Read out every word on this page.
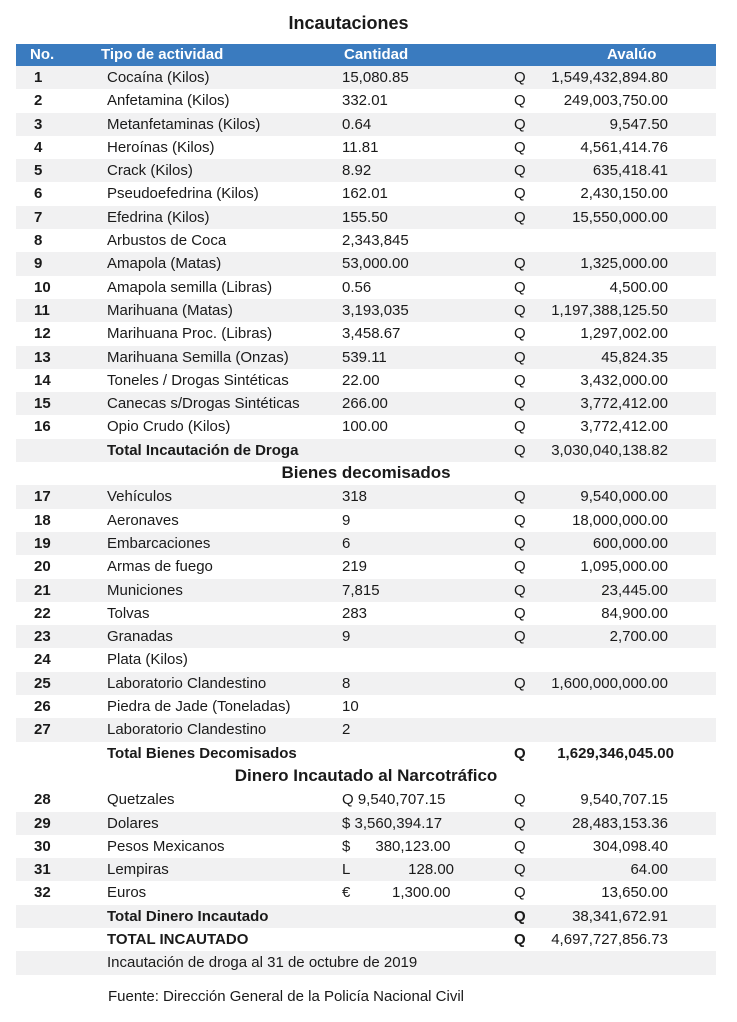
Incautaciones
No.	Tipo de actividad	Cantidad	Avalúo
1	Cocaína (Kilos)	15,080.85	Q 1,549,432,894.80
2	Anfetamina (Kilos)	332.01	Q	249,003,750.00
3	Metanfetaminas (Kilos)	0.64	Q	9,547.50
4	Heroínas (Kilos)	11.81	Q	4,561,414.76
5	Crack (Kilos)	8.92	Q	635,418.41
6	Pseudoefedrina (Kilos)	162.01	Q	2,430,150.00
7	Efedrina (Kilos)	155.50	Q	15,550,000.00
8	Arbustos de Coca	2,343,845
9	Amapola (Matas)	53,000.00	Q	1,325,000.00
10	Amapola semilla (Libras)	0.56	Q	4,500.00
11	Marihuana (Matas)	3,193,035	Q 1,197,388,125.50
12	Marihuana Proc. (Libras)	3,458.67	Q	1,297,002.00
13	Marihuana Semilla (Onzas)	539.11	Q	45,824.35
14	Toneles / Drogas Sintéticas	22.00	Q	3,432,000.00
15	Canecas s/Drogas Sintéticas	266.00	Q	3,772,412.00
16	Opio Crudo (Kilos)	100.00	Q	3,772,412.00
Total Incautación de Droga	Q 3,030,040,138.82
Bienes decomisados
17	Vehículos	318	Q	9,540,000.00
18	Aeronaves	9	Q	18,000,000.00
19	Embarcaciones	6	Q	600,000.00
20	Armas de fuego	219	Q	1,095,000.00
21	Municiones	7,815	Q	23,445.00
22	Tolvas	283	Q	84,900.00
23	Granadas	9	Q	2,700.00
24	Plata (Kilos)
25	Laboratorio Clandestino	8	Q 1,600,000,000.00
26	Piedra de Jade (Toneladas)	10
27	Laboratorio Clandestino	2
Total Bienes Decomisados	Q 1,629,346,045.00
Dinero Incautado al Narcotráfico
28	Quetzales	Q 9,540,707.15	Q	9,540,707.15
29	Dolares	$ 3,560,394.17	Q	28,483,153.36
30	Pesos Mexicanos	$      380,123.00	Q	304,098.40
31	Lempiras	L              128.00	Q	64.00
32	Euros	€          1,300.00	Q	13,650.00
Total Dinero Incautado	Q	38,341,672.91
TOTAL INCAUTADO	Q 4,697,727,856.73
Incautación de droga al 31 de octubre de 2019
Fuente: Dirección General de la Policía Nacional Civil
